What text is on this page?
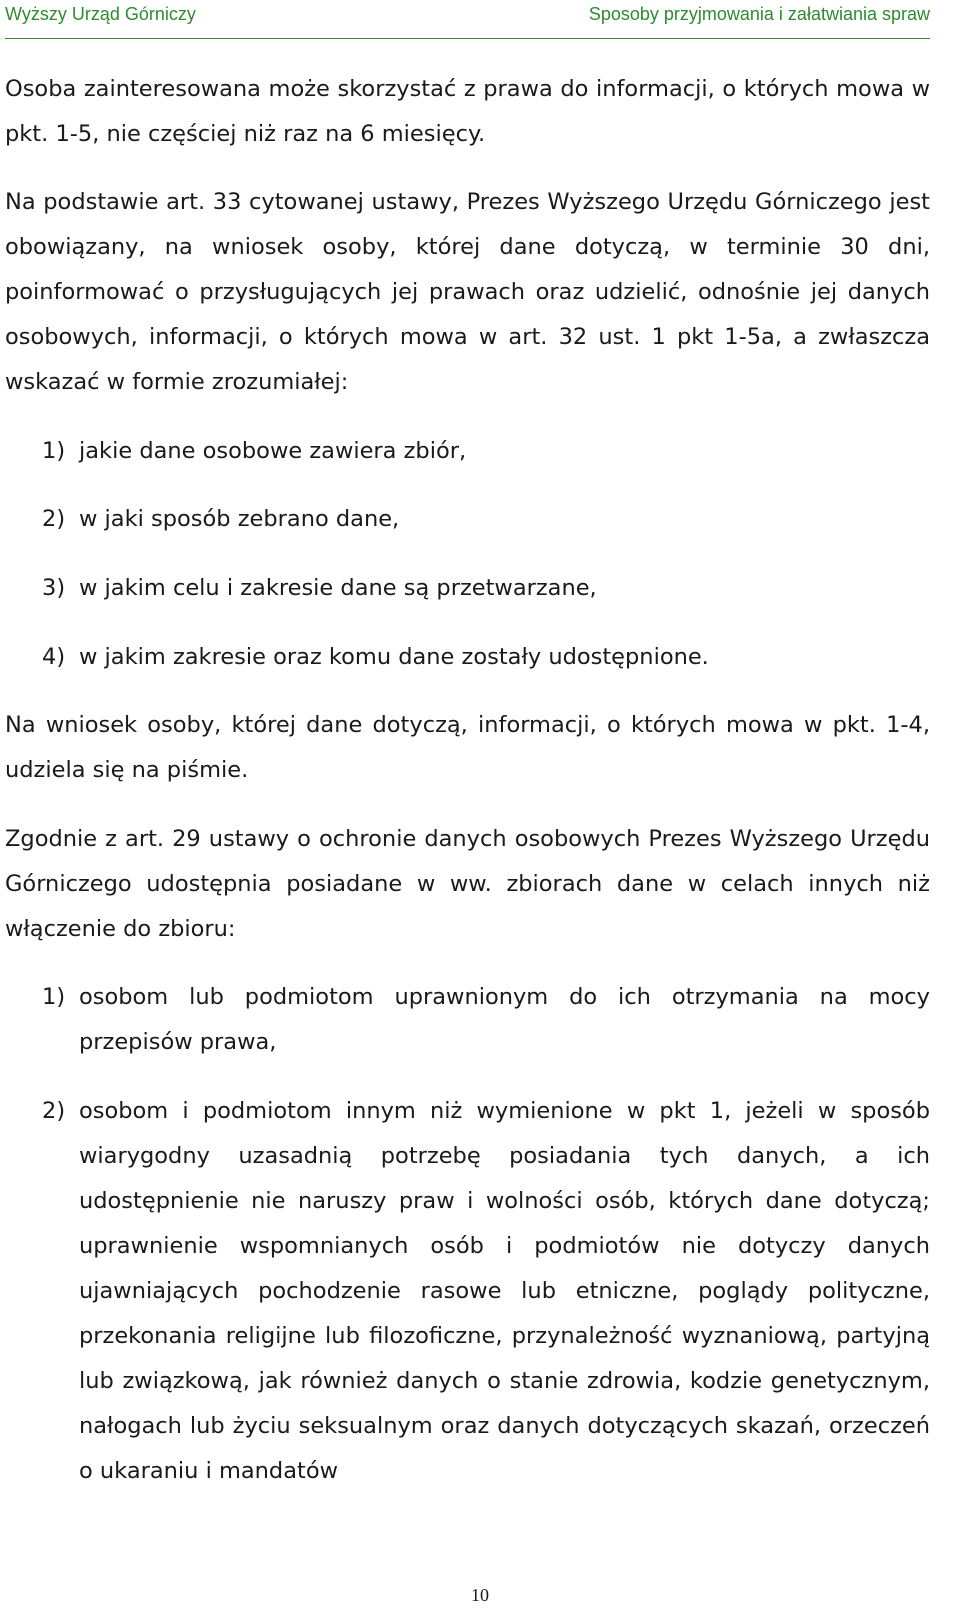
Wyższy Urząd Górniczy	Sposoby przyjmowania i załatwiania spraw
Osoba zainteresowana może skorzystać z prawa do informacji, o których mowa w pkt. 1-5, nie częściej niż raz na 6 miesięcy.
Na podstawie art. 33 cytowanej ustawy, Prezes Wyższego Urzędu Górniczego jest obowiązany, na wniosek osoby, której dane dotyczą, w terminie 30 dni, poinformować o przysługujących jej prawach oraz udzielić, odnośnie jej danych osobowych, informacji, o których mowa w art. 32 ust. 1 pkt 1-5a, a zwłaszcza wskazać w formie zrozumiałej:
1) jakie dane osobowe zawiera zbiór,
2) w jaki sposób zebrano dane,
3) w jakim celu i zakresie dane są przetwarzane,
4) w jakim zakresie oraz komu dane zostały udostępnione.
Na wniosek osoby, której dane dotyczą, informacji, o których mowa w pkt. 1-4, udziela się na piśmie.
Zgodnie z art. 29 ustawy o ochronie danych osobowych Prezes Wyższego Urzędu Górniczego udostępnia posiadane w ww. zbiorach dane w celach innych niż włączenie do zbioru:
1) osobom lub podmiotom uprawnionym do ich otrzymania na mocy przepisów prawa,
2) osobom i podmiotom innym niż wymienione w pkt 1, jeżeli w sposób wiarygodny uzasadnią potrzebę posiadania tych danych, a ich udostępnienie nie naruszy praw i wolności osób, których dane dotyczą; uprawnienie wspomnianych osób i podmiotów nie dotyczy danych ujawniających pochodzenie rasowe lub etniczne, poglądy polityczne, przekonania religijne lub filozoficzne, przynależność wyznaniową, partyjną lub związkową, jak również danych o stanie zdrowia, kodzie genetycznym, nałogach lub życiu seksualnym oraz danych dotyczących skazań, orzeczeń o ukaraniu i mandatów
10
